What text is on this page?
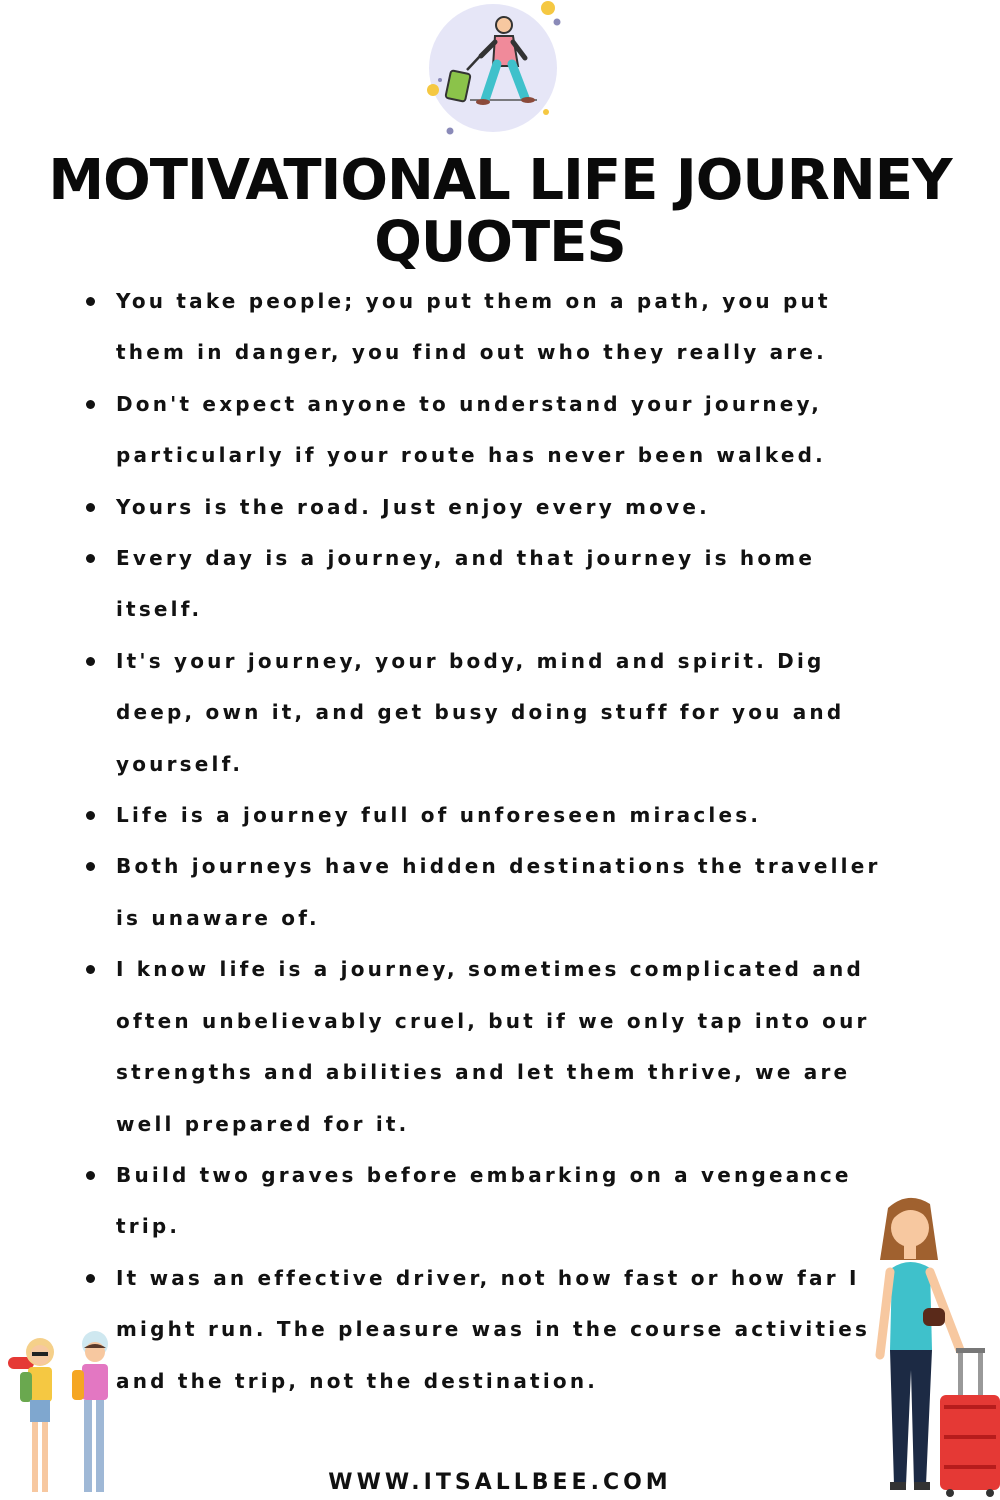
MOTIVATIONAL LIFE JOURNEY QUOTES
You take people; you put them on a path, you put them in danger, you find out who they really are.
Don't expect anyone to understand your journey, particularly if your route has never been walked.
Yours is the road. Just enjoy every move.
Every day is a journey, and that journey is home itself.
It's your journey, your body, mind and spirit. Dig deep, own it, and get busy doing stuff for you and yourself.
Life is a journey full of unforeseen miracles.
Both journeys have hidden destinations the traveller is unaware of.
I know life is a journey, sometimes complicated and often unbelievably cruel, but if we only tap into our strengths and abilities and let them thrive, we are well prepared for it.
Build two graves before embarking on a vengeance trip.
It was an effective driver, not how fast or how far I might run. The pleasure was in the course activities and the trip, not the destination.
WWW.ITSALLBEE.COM
